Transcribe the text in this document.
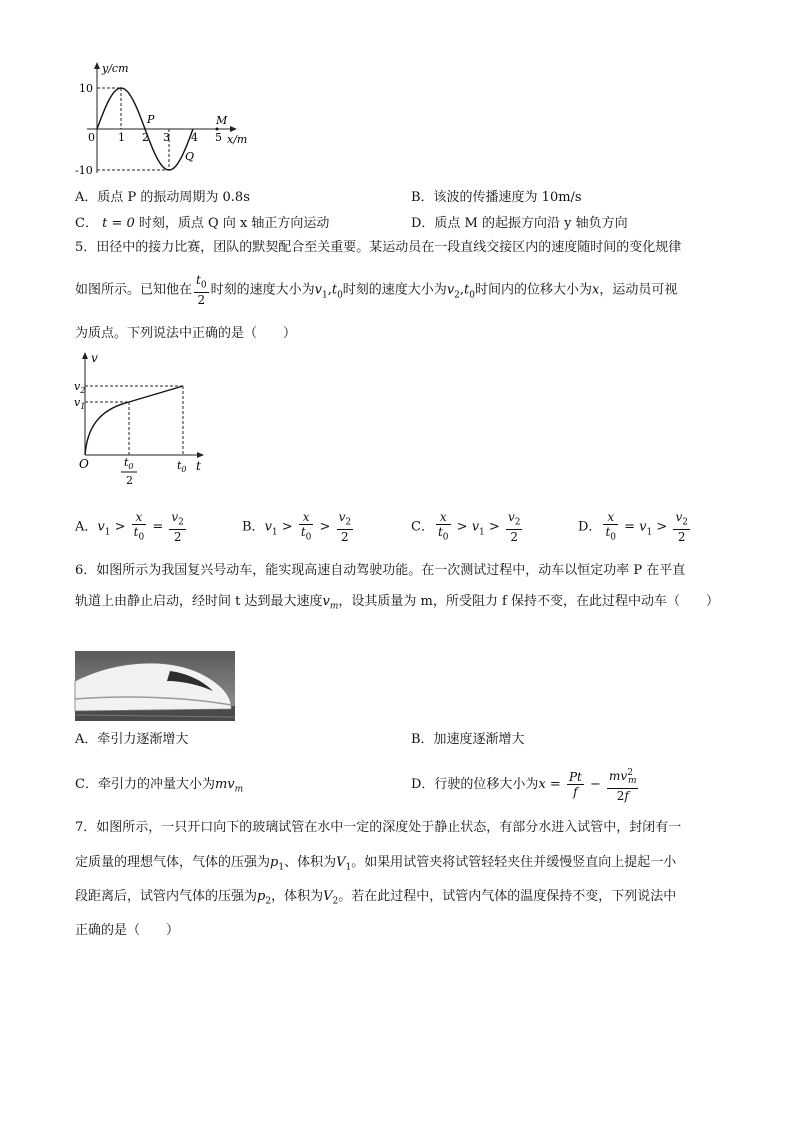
y/cm
10
-10
0 1 2 3 4 5 x/m
P
Q
M
A．质点 P 的振动周期为 0.8s	B．该波的传播速度为 10m/s
C． t = 0 时刻，质点 Q 向 x 轴正方向运动	D．质点 M 的起振方向沿 y 轴负方向
5．田径中的接力比赛，团队的默契配合至关重要。某运动员在一段直线交接区内的速度随时间的变化规律
如图所示。已知他在 $\frac{t_0}{2}$ 时刻的速度大小为$v_1,t_0$时刻的速度大小为$v_2,t_0$时间内的位移大小为x，运动员可视
为质点。下列说法中正确的是（　　）
v
t
O
$v_2$
$v_1$
$t_0$
$t_0$
2
A．$v_1 > \frac{x}{t_0} = \frac{v_2}{2}$	B．$v_1 > \frac{x}{t_0} > \frac{v_2}{2}$	C． $\frac{x}{t_0} > v_1 > \frac{v_2}{2}$	D． $\frac{x}{t_0} = v_1 > \frac{v_2}{2}$
6．如图所示为我国复兴号动车，能实现高速自动驾驶功能。在一次测试过程中，动车以恒定功率 P 在平直
轨道上由静止启动，经时间 t 达到最大速度$v_m$，设其质量为 m，所受阻力 f 保持不变，在此过程中动车（　　）
A．牵引力逐渐增大	B．加速度逐渐增大
C．牵引力的冲量大小为$mv_m$	D．行驶的位移大小为$x = \frac{Pt}{f} - \frac{mv^2_m}{2f}$
7．如图所示，一只开口向下的玻璃试管在水中一定的深度处于静止状态，有部分水进入试管中，封闭有一
定质量的理想气体，气体的压强为$p_1$、体积为$V_1$。如果用试管夹将试管轻轻夹住并缓慢竖直向上提起一小
段距离后，试管内气体的压强为$p_2$，体积为$V_2$。若在此过程中，试管内气体的温度保持不变，下列说法中
正确的是（　　）
